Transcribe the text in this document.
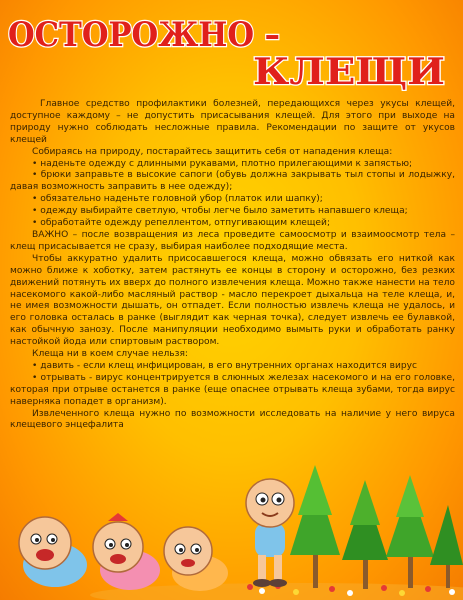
ОСТОРОЖНО –
КЛЕЩИ

Главное средство профилактики болезней, передающихся через укусы клещей, доступное каждому – не допустить присасывания клещей. Для этого при выходе на природу нужно соблюдать несложные правила. Рекомендации по защите от укусов клещей

Собираясь на природу, постарайтесь защитить себя от нападения клеща:

• наденьте одежду с длинными рукавами, плотно прилегающими к запястью;

• брюки заправьте в высокие сапоги (обувь должна закрывать тыл стопы и лодыжку, давая возможность заправить в нее одежду);

• обязательно наденьте головной убор (платок или шапку);

• одежду выбирайте светлую, чтобы легче было заметить напавшего клеща;

• обработайте одежду репеллентом, отпугивающим клещей;

ВАЖНО – после возвращения из леса проведите самоосмотр и взаимоосмотр тела – клещ присасывается не сразу, выбирая наиболее подходящие места.

Чтобы аккуратно удалить присосавшегося клеща, можно обвязать его ниткой как можно ближе к хоботку, затем растянуть ее концы в сторону и осторожно, без резких движений потянуть их вверх до полного извлечения клеща. Можно также нанести на тело насекомого какой-либо масляный раствор - масло перекроет дыхальца на теле клеща, и, не имея возможности дышать, он отпадет. Если полностью извлечь клеща не удалось, и его головка осталась в ранке (выглядит как черная точка), следует извлечь ее булавкой, как обычную занозу. После манипуляции необходимо вымыть руки и обработать ранку настойкой йода или спиртовым раствором.

Клеща ни в коем случае нельзя:

• давить - если клещ инфицирован, в его внутренних органах находится вирус

• отрывать - вирус концентрируется в слюнных железах насекомого и на его головке, которая при отрыве останется в ранке (еще опаснее отрывать клеща зубами, тогда вирус наверняка попадет в организм).

Извлеченного клеща нужно по возможности исследовать на наличие у него вируса клещевого энцефалита
